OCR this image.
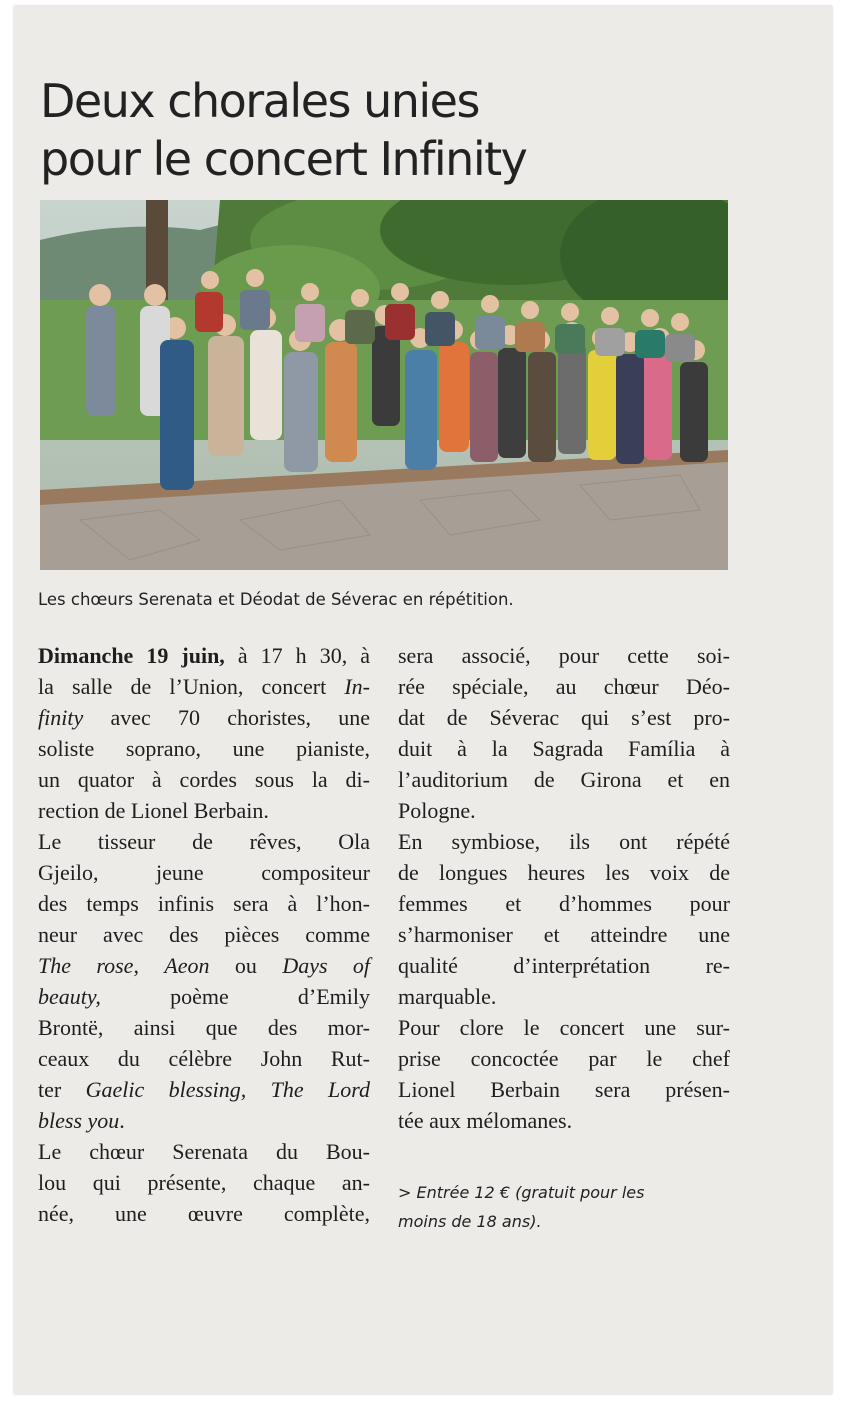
Deux chorales unies
pour le concert Infinity
Les chœurs Serenata et Déodat de Séverac en répétition.
Dimanche 19 juin, à 17 h 30, à
la salle de l’Union, concert In-
finity avec 70 choristes, une
soliste soprano, une pianiste,
un quator à cordes sous la di-
rection de Lionel Berbain.
Le tisseur de rêves, Ola
Gjeilo, jeune compositeur
des temps infinis sera à l’hon-
neur avec des pièces comme
The rose, Aeon ou Days of
beauty, poème d’Emily
Brontë, ainsi que des mor-
ceaux du célèbre John Rut-
ter Gaelic blessing, The Lord
bless you.
Le chœur Serenata du Bou-
lou qui présente, chaque an-
née, une œuvre complète,
sera associé, pour cette soi-
rée spéciale, au chœur Déo-
dat de Séverac qui s’est pro-
duit à la Sagrada Família à
l’auditorium de Girona et en
Pologne.
En symbiose, ils ont répété
de longues heures les voix de
femmes et d’hommes pour
s’harmoniser et atteindre une
qualité d’interprétation re-
marquable.
Pour clore le concert une sur-
prise concoctée par le chef
Lionel Berbain sera présen-
tée aux mélomanes.
> Entrée 12 € (gratuit pour les
moins de 18 ans).
